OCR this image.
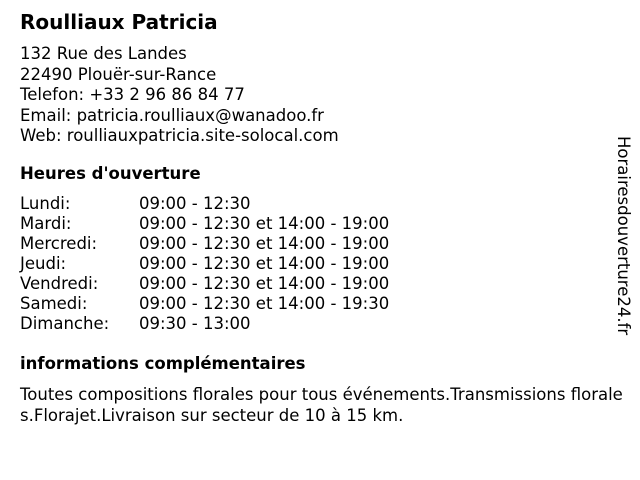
Roulliaux Patricia
132 Rue des Landes
22490 Plouër-sur-Rance
Telefon: +33 2 96 86 84 77
Email: patricia.roulliaux@wanadoo.fr
Web: roulliauxpatricia.site-solocal.com
Heures d'ouverture
Lundi:	09:00 - 12:30
Mardi:	09:00 - 12:30 et 14:00 - 19:00
Mercredi:	09:00 - 12:30 et 14:00 - 19:00
Jeudi:	09:00 - 12:30 et 14:00 - 19:00
Vendredi: 09:00 - 12:30 et 14:00 - 19:00
Samedi:	09:00 - 12:30 et 14:00 - 19:30
Dimanche: 09:30 - 13:00
informations complémentaires
Toutes compositions florales pour tous événements.Transmissions florales.Florajet.Livraison sur secteur de 10 à 15 km.
Horairesdouverture24.fr
